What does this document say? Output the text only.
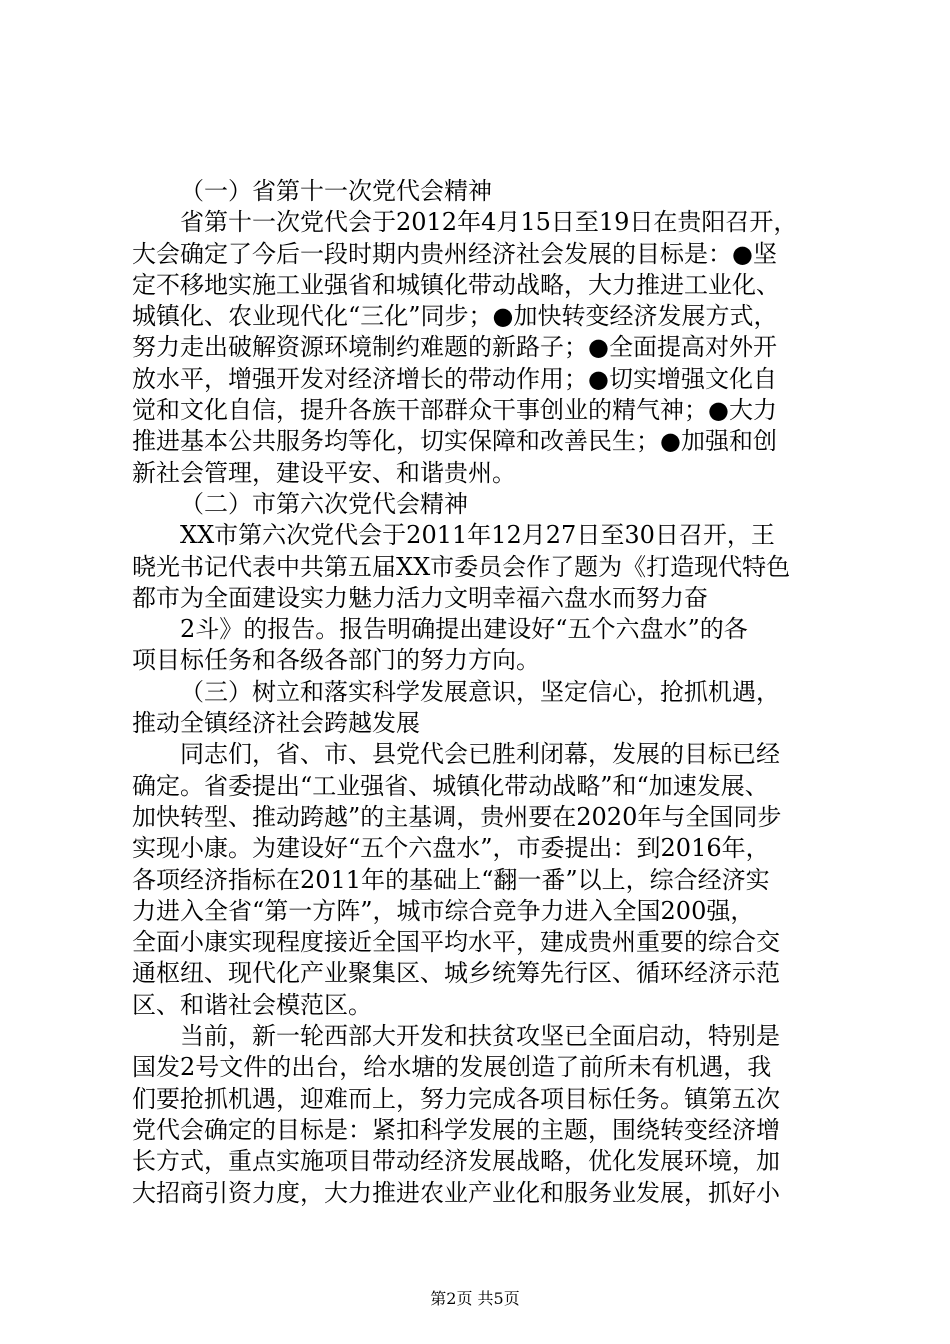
（一）省第十一次党代会精神
省第十一次党代会于2012年4月15日至19日在贵阳召开，
大会确定了今后一段时期内贵州经济社会发展的目标是：●坚
定不移地实施工业强省和城镇化带动战略，大力推进工业化、
城镇化、农业现代化“三化”同步；●加快转变经济发展方式，
努力走出破解资源环境制约难题的新路子；●全面提高对外开
放水平，增强开发对经济增长的带动作用；●切实增强文化自
觉和文化自信，提升各族干部群众干事创业的精气神；●大力
推进基本公共服务均等化，切实保障和改善民生；●加强和创
新社会管理，建设平安、和谐贵州。
（二）市第六次党代会精神
XX市第六次党代会于2011年12月27日至30日召开，王
晓光书记代表中共第五届XX市委员会作了题为《打造现代特色
都市为全面建设实力魅力活力文明幸福六盘水而努力奋
2斗》的报告。报告明确提出建设好“五个六盘水”的各
项目标任务和各级各部门的努力方向。
（三）树立和落实科学发展意识，坚定信心，抢抓机遇，
推动全镇经济社会跨越发展
同志们，省、市、县党代会已胜利闭幕，发展的目标已经
确定。省委提出“工业强省、城镇化带动战略”和“加速发展、
加快转型、推动跨越”的主基调，贵州要在2020年与全国同步
实现小康。为建设好“五个六盘水”，市委提出：到2016年，
各项经济指标在2011年的基础上“翻一番”以上，综合经济实
力进入全省“第一方阵”，城市综合竞争力进入全国200强，
全面小康实现程度接近全国平均水平，建成贵州重要的综合交
通枢纽、现代化产业聚集区、城乡统筹先行区、循环经济示范
区、和谐社会模范区。
当前，新一轮西部大开发和扶贫攻坚已全面启动，特别是
国发2号文件的出台，给水塘的发展创造了前所未有机遇，我
们要抢抓机遇，迎难而上，努力完成各项目标任务。镇第五次
党代会确定的目标是：紧扣科学发展的主题，围绕转变经济增
长方式，重点实施项目带动经济发展战略，优化发展环境，加
大招商引资力度，大力推进农业产业化和服务业发展，抓好小
第2页 共5页
